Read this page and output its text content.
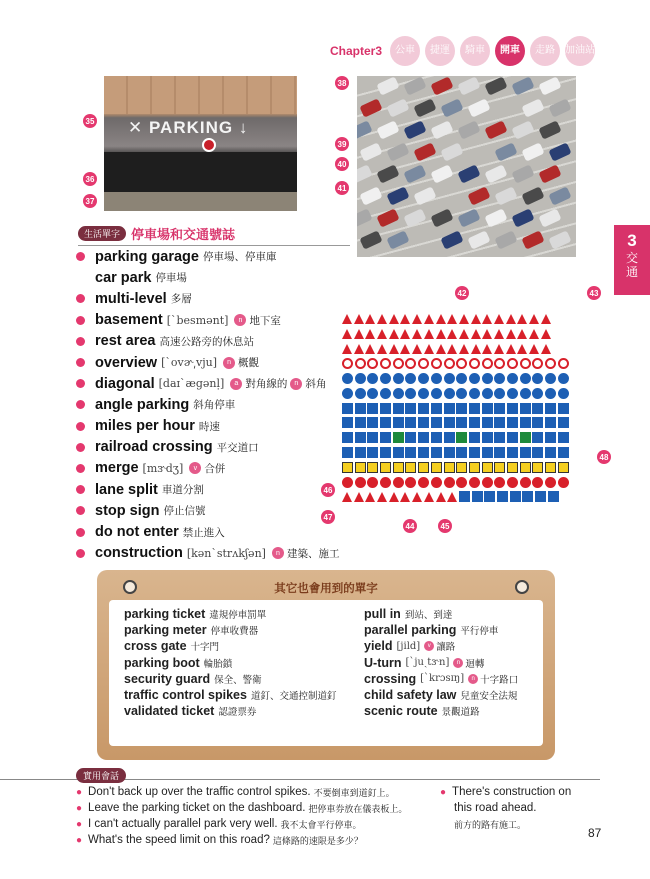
Chapter3	公車	捷運	騎車	開車	走路	加油站
✕ PARKING ↓
35
36
37
38
39
40
41
42	43
44	45
46
47
48
生活單字 停車場和交通號誌
parking garage 停車場、停車庫
car park 停車場
multi-level 多層
basement [ˋbesmənt]	n 地下室
rest area 高速公路旁的休息站
overview [ˋovɚ͵vju]	n 概觀
diagonal [daɪˋægənḷ]	a 對角線的	n 斜角
angle parking 斜角停車
miles per hour 時速
railroad crossing 平交道口
merge [mɝdʒ]	v 合併
lane split 車道分割
stop sign 停止信號
do not enter 禁止進入
construction [kənˋstrʌkʃən]	n 建築、施工
其它也會用到的單字
parking ticket 違規停車罰單
parking meter 停車收費器
cross gate 十字門
parking boot 輪胎鎖
security guard 保全、警衛
traffic control spikes 道釘、交通控制道釘
validated ticket 認證票券
pull in 到站、到達
parallel parking 平行停車
yield [jild]	v 讓路
U-turn [ˋjuˏtɝn]	n 迴轉
crossing [ˋkrɔsɪŋ]	n 十字路口
child safety law 兒童安全法規
scenic route 景觀道路
實用會話
● Don't back up over the traffic control spikes. 不要倒車到道釘上。
● Leave the parking ticket on the dashboard. 把停車券放在儀表板上。
● I can't actually parallel park very well. 我不太會平行停車。
● What's the speed limit on this road? 這條路的速限是多少？
● There's construction on
this road ahead.
前方的路有施工。
3
交通
87
